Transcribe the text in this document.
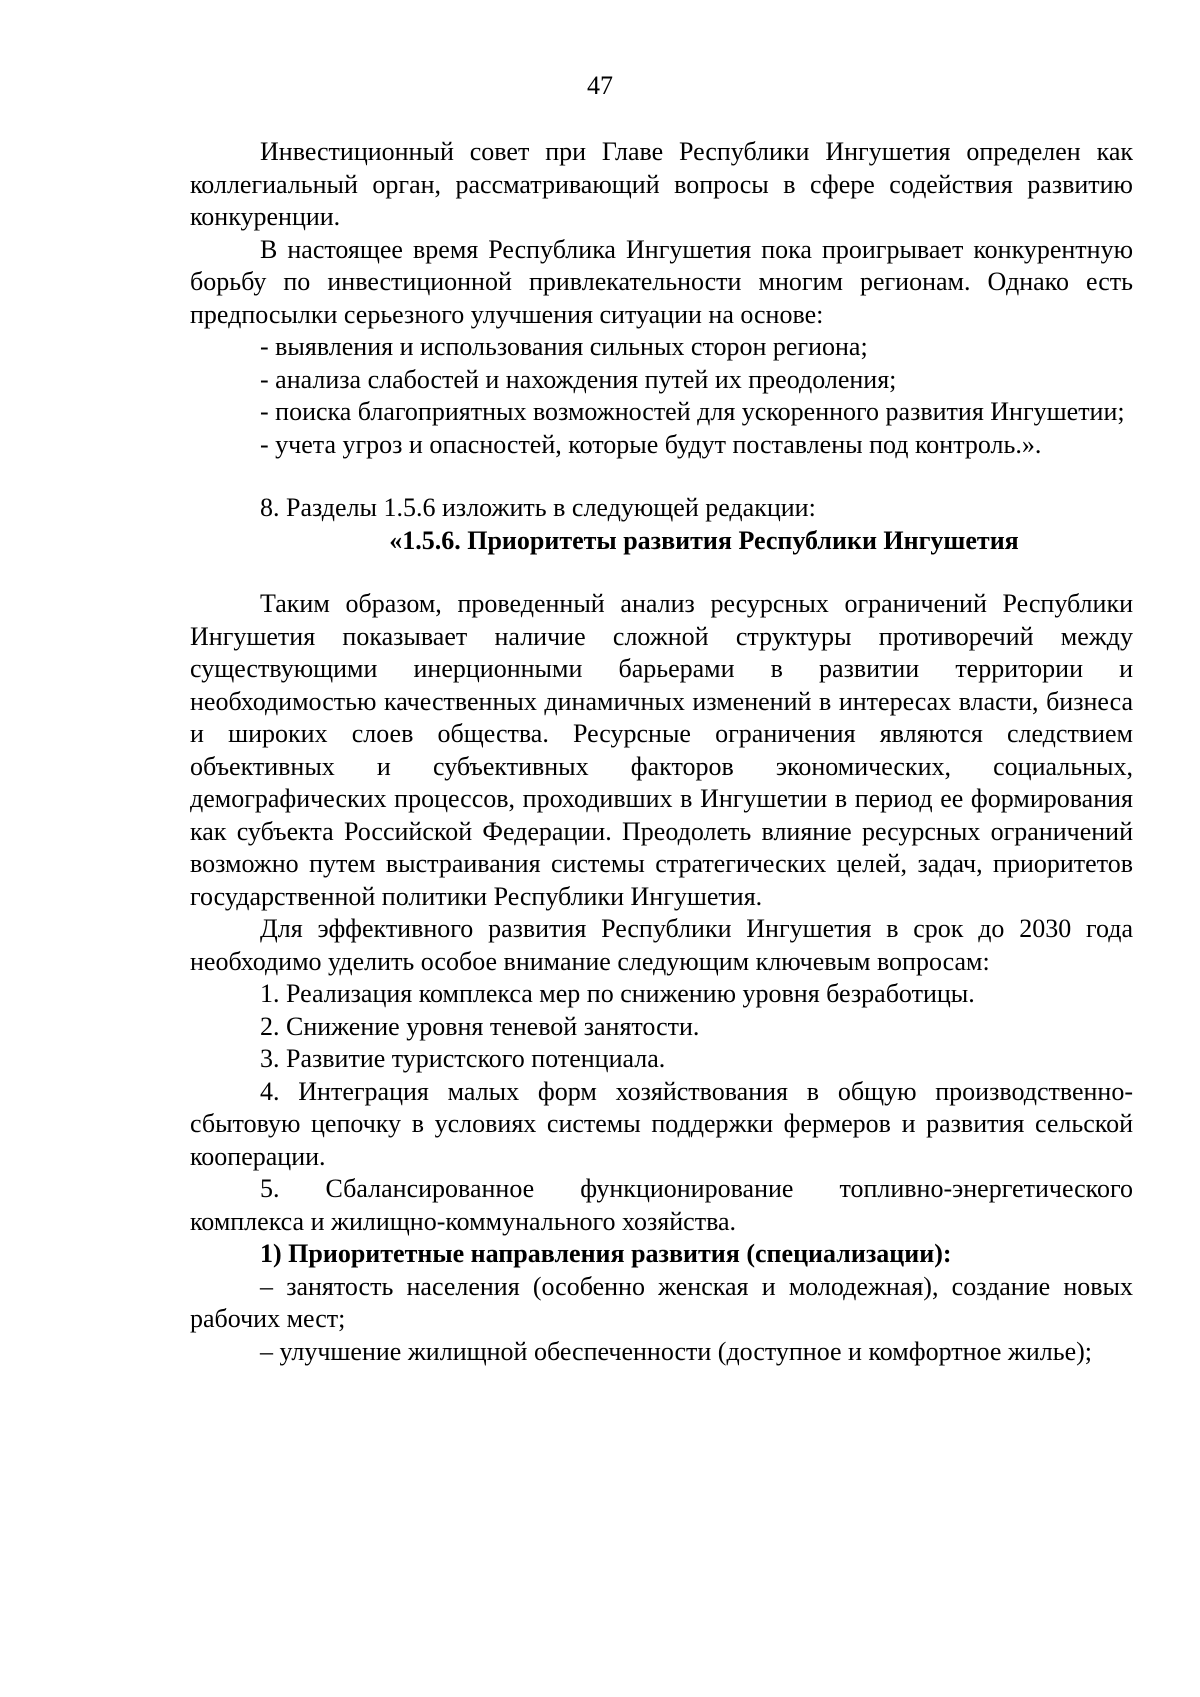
47

Инвестиционный совет при Главе Республики Ингушетия определен как коллегиальный орган, рассматривающий вопросы в сфере содействия развитию конкуренции.

В настоящее время Республика Ингушетия пока проигрывает конкурентную борьбу по инвестиционной привлекательности многим регионам. Однако есть предпосылки серьезного улучшения ситуации на основе:

- выявления и использования сильных сторон региона;

- анализа слабостей и нахождения путей их преодоления;

- поиска благоприятных возможностей для ускоренного развития Ингушетии;

- учета угроз и опасностей, которые будут поставлены под контроль.».

8. Разделы 1.5.6 изложить в следующей редакции:

«1.5.6. Приоритеты развития Республики Ингушетия

Таким образом, проведенный анализ ресурсных ограничений Республики Ингушетия показывает наличие сложной структуры противоречий между существующими инерционными барьерами в развитии территории и необходимостью качественных динамичных изменений в интересах власти, бизнеса и широких слоев общества. Ресурсные ограничения являются следствием объективных и субъективных факторов экономических, социальных, демографических процессов, проходивших в Ингушетии в период ее формирования как субъекта Российской Федерации. Преодолеть влияние ресурсных ограничений возможно путем выстраивания системы стратегических целей, задач, приоритетов государственной политики Республики Ингушетия.

Для эффективного развития Республики Ингушетия в срок до 2030 года необходимо уделить особое внимание следующим ключевым вопросам:

1. Реализация комплекса мер по снижению уровня безработицы.

2. Снижение уровня теневой занятости.

3. Развитие туристского потенциала.

4. Интеграция малых форм хозяйствования в общую производственно-сбытовую цепочку в условиях системы поддержки фермеров и развития сельской кооперации.

5. Сбалансированное функционирование топливно-энергетического комплекса и жилищно-коммунального хозяйства.

1) Приоритетные направления развития (специализации):

– занятость населения (особенно женская и молодежная), создание новых рабочих мест;

– улучшение жилищной обеспеченности (доступное и комфортное жилье);
